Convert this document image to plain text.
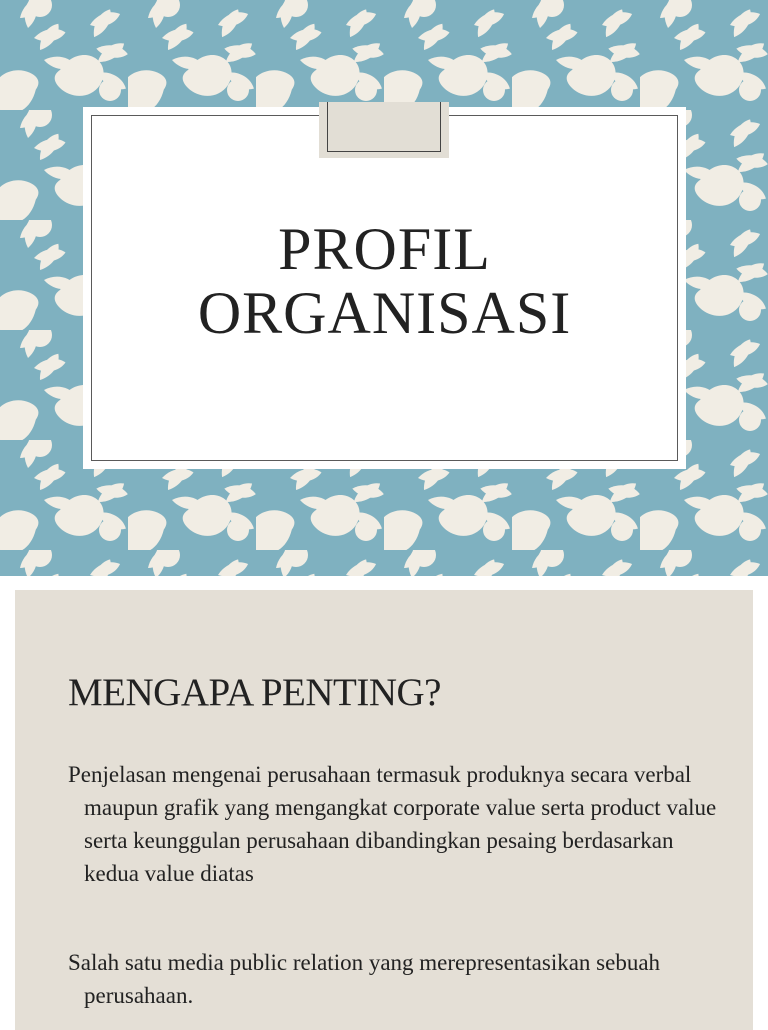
PROFIL
ORGANISASI
MENGAPA PENTING?

Penjelasan mengenai perusahaan termasuk produknya secara verbal maupun grafik yang mengangkat corporate value serta product value serta keunggulan perusahaan dibandingkan pesaing berdasarkan kedua value diatas

Salah satu media public relation yang merepresentasikan sebuah perusahaan.
